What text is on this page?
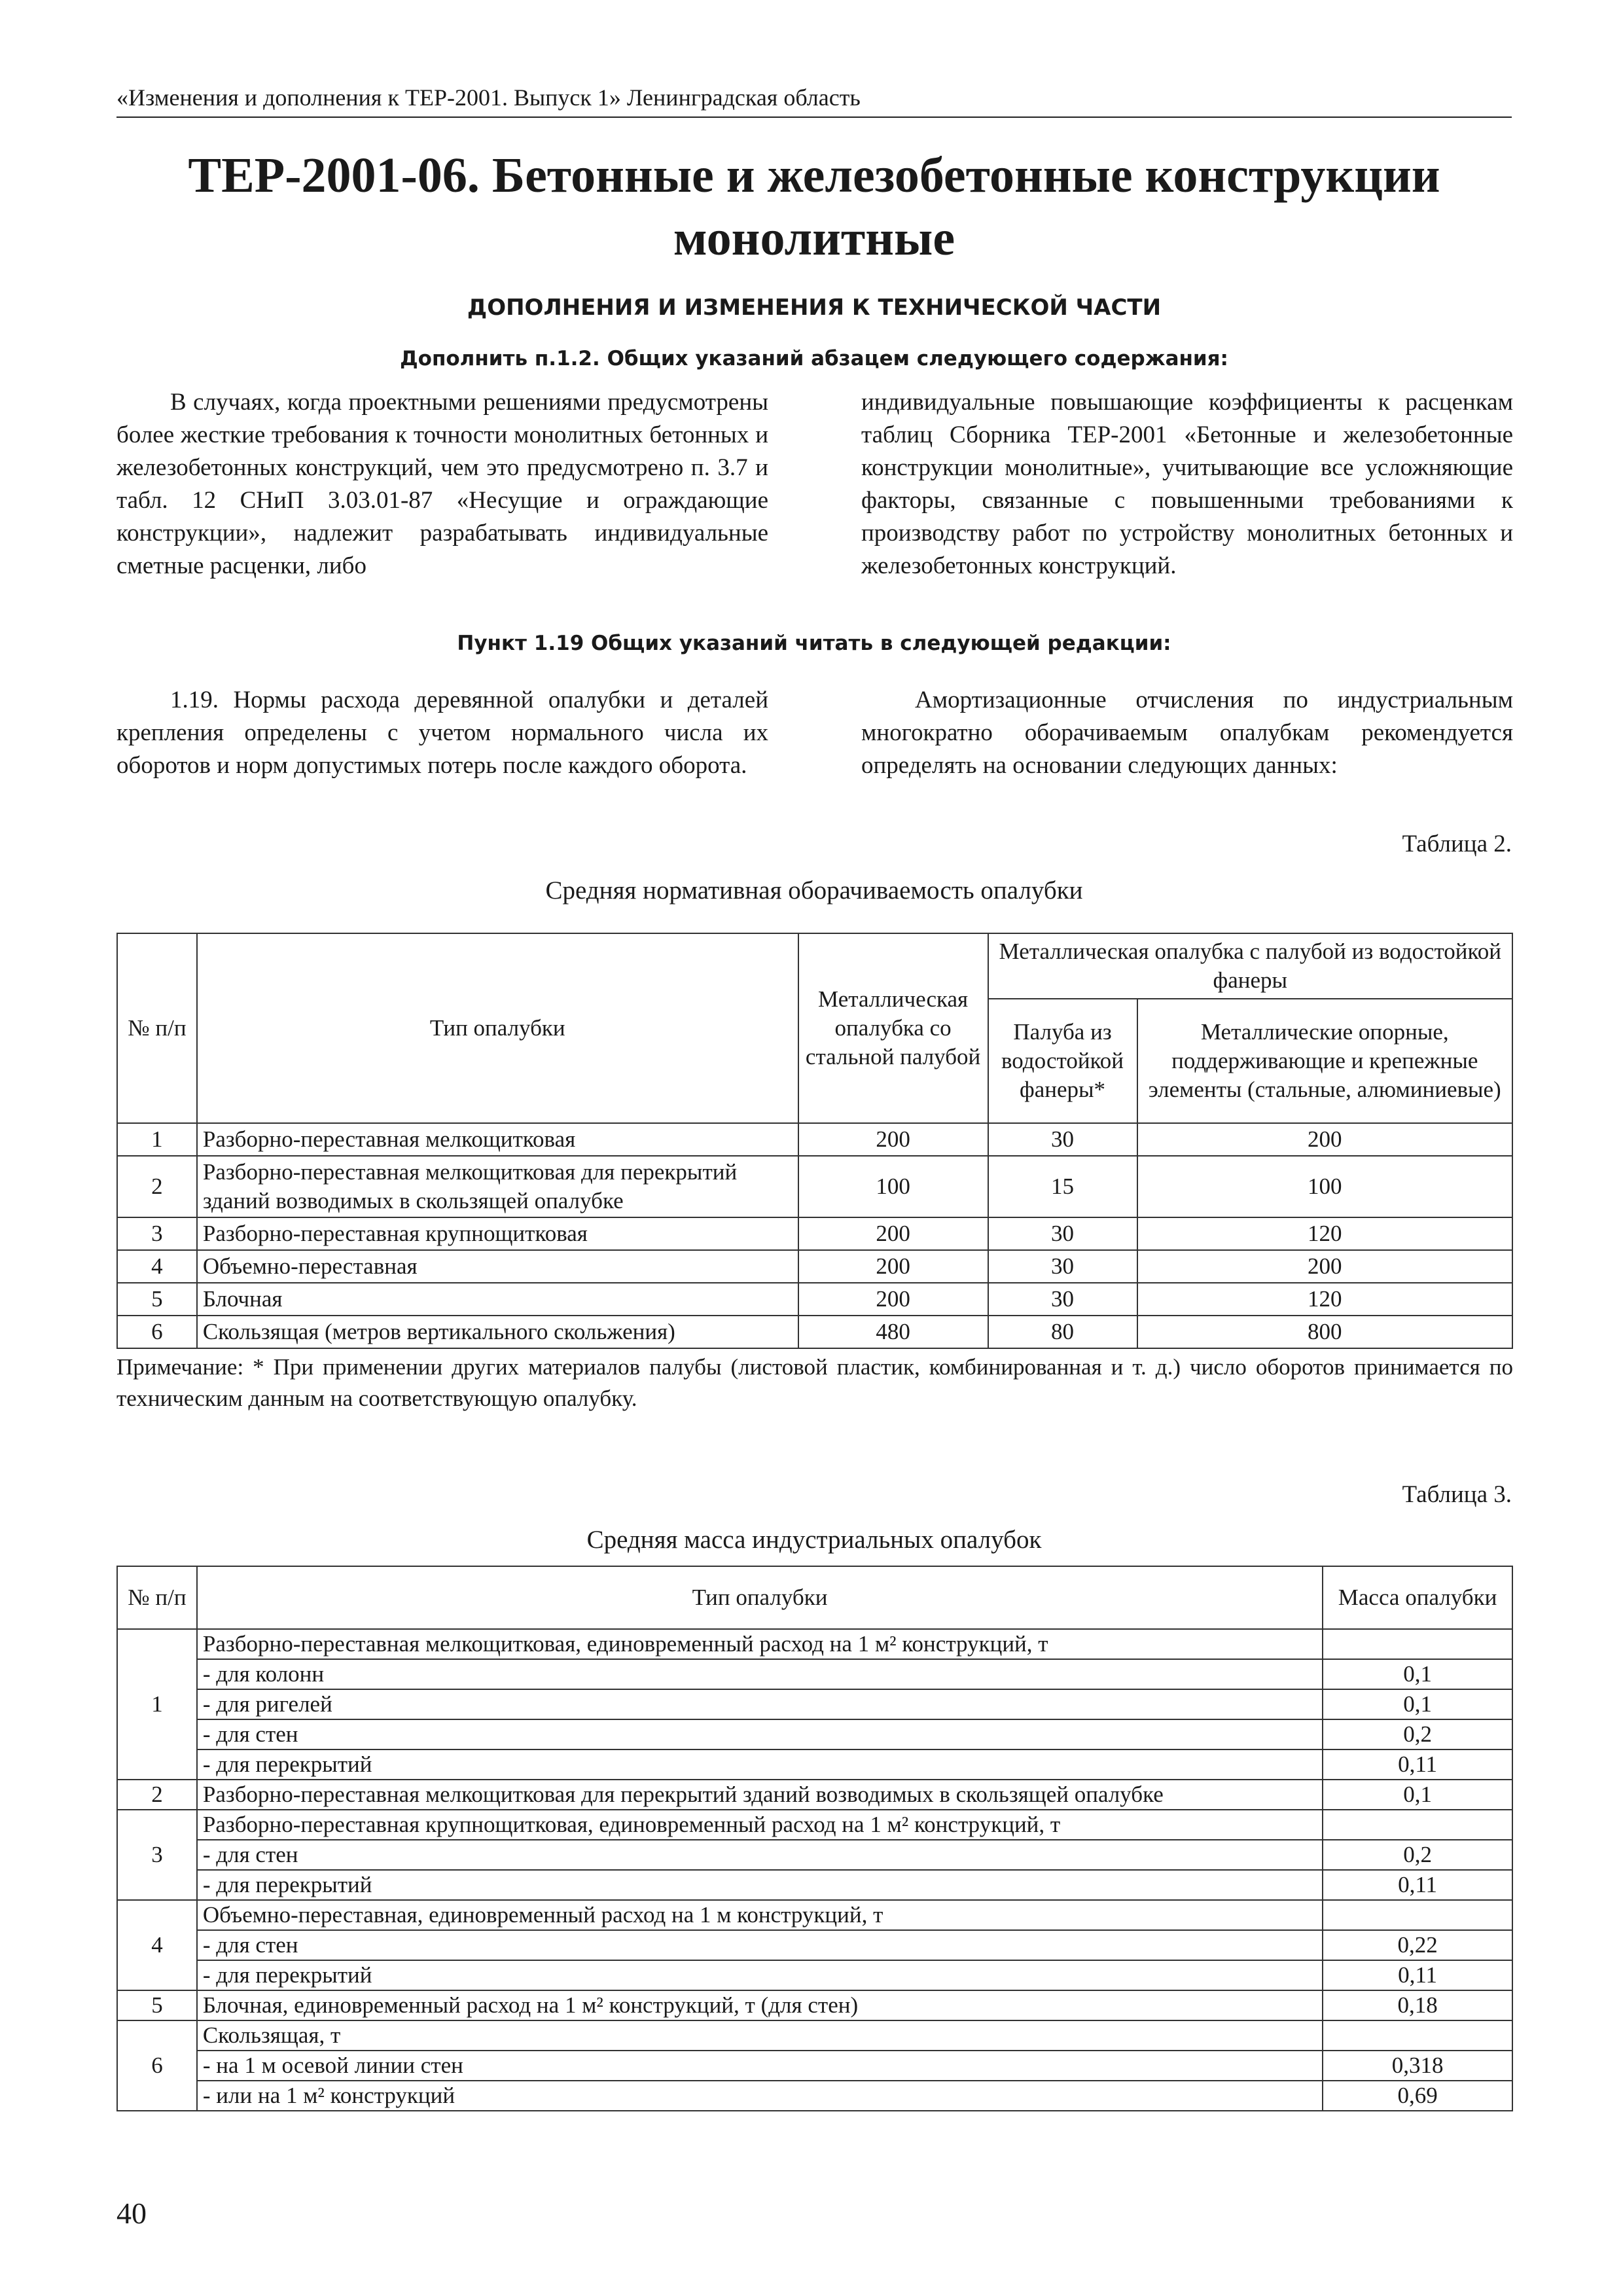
«Изменения и дополнения к ТЕР-2001. Выпуск 1» Ленинградская область
ТЕР-2001-06. Бетонные и железобетонные конструкции
монолитные
ДОПОЛНЕНИЯ И ИЗМЕНЕНИЯ К ТЕХНИЧЕСКОЙ ЧАСТИ
Дополнить п.1.2. Общих указаний абзацем следующего содержания:
В случаях, когда проектными решениями предусмотрены более жесткие требования к точности монолитных бетонных и железобетонных конструкций, чем это предусмотрено п. 3.7 и табл. 12 СНиП 3.03.01-87 «Несущие и ограждающие конструкции», надлежит разрабатывать индивидуальные сметные расценки, либо
индивидуальные повышающие коэффициенты к расценкам таблиц Сборника ТЕР-2001 «Бетонные и железобетонные конструкции монолитные», учитывающие все усложняющие факторы, связанные с повышенными требованиями к производству работ по устройству монолитных бетонных и железобетонных конструкций.
Пункт 1.19 Общих указаний читать в следующей редакции:
1.19. Нормы расхода деревянной опалубки и деталей крепления определены с учетом нормального числа их оборотов и норм допустимых потерь после каждого оборота.
Амортизационные отчисления по индустриальным многократно оборачиваемым опалубкам рекомендуется определять на основании следующих данных:
Таблица 2.
Средняя нормативная оборачиваемость опалубки
№ п/п	Тип опалубки	Металлическая опалубка со стальной палубой	Металлическая опалубка с палубой из водостойкой фанеры	
			Палуба из водостойкой фанеры*	Металлические опорные, поддерживающие и крепежные элементы (стальные, алюминиевые)
1	Разборно-переставная мелкощитковая	200	30	200
2	Разборно-переставная мелкощитковая для перекрытий зданий возводимых в скользящей опалубке	100	15	100
3	Разборно-переставная крупнощитковая	200	30	120
4	Объемно-переставная	200	30	200
5	Блочная	200	30	120
6	Скользящая (метров вертикального скольжения)	480	80	800
Примечание: * При применении других материалов палубы (листовой пластик, комбинированная и т. д.) число оборотов принимается по техническим данным на соответствующую опалубку.
Таблица 3.
Средняя масса индустриальных опалубок
№ п/п	Тип опалубки	Масса опалубки
1	Разборно-переставная мелкощитковая, единовременный расход на 1 м² конструкций, т	
	- для колонн	0,1
	- для ригелей	0,1
	- для стен	0,2
	- для перекрытий	0,11
2	Разборно-переставная мелкощитковая для перекрытий зданий возводимых в скользящей опалубке	0,1
3	Разборно-переставная крупнощитковая, единовременный расход на 1 м² конструкций, т	
	- для стен	0,2
	- для перекрытий	0,11
4	Объемно-переставная, единовременный расход на 1 м конструкций, т	
	- для стен	0,22
	- для перекрытий	0,11
5	Блочная, единовременный расход на 1 м² конструкций, т (для стен)	0,18
6	Скользящая, т	
	- на 1 м осевой линии стен	0,318
	- или на 1 м² конструкций	0,69
40
